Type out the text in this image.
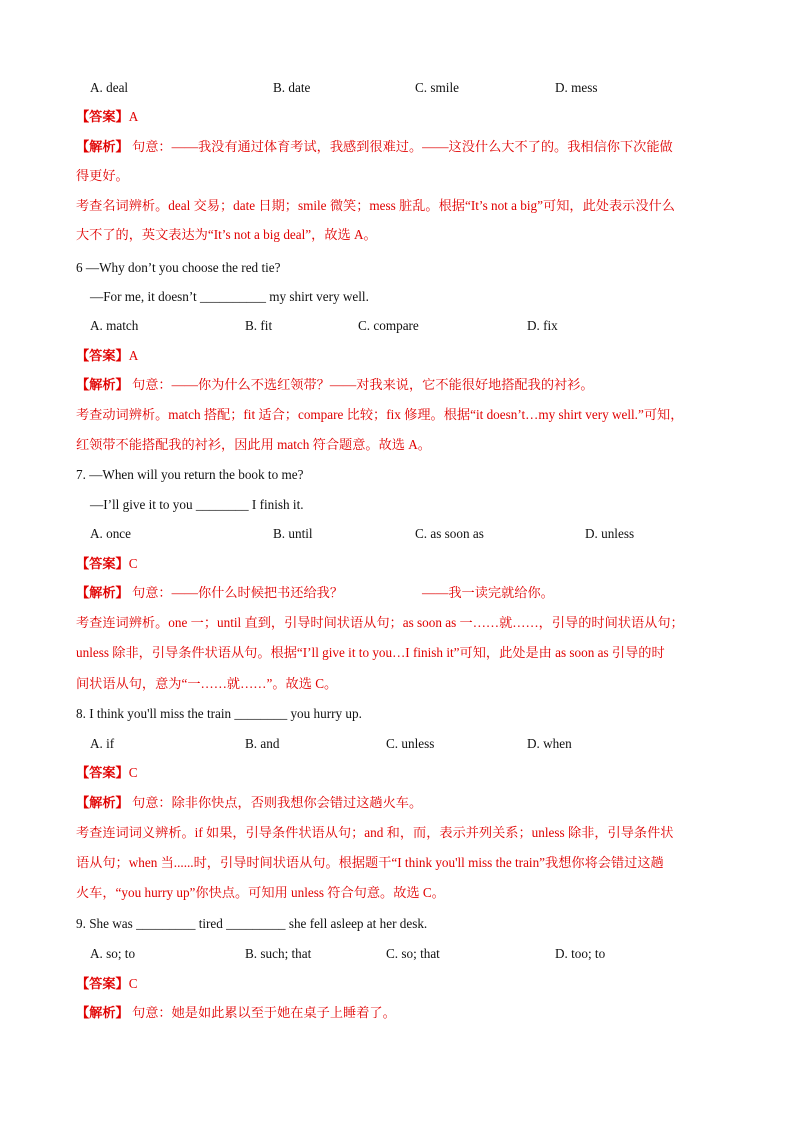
A. deal	B. date	C. smile	D. mess
【答案】A
【解析】 句意：——我没有通过体育考试，我感到很难过。——这没什么大不了的。我相信你下次能做
得更好。
考查名词辨析。deal 交易；date 日期；smile 微笑；mess 脏乱。根据“It’s not a big”可知，此处表示没什么
大不了的，英文表达为“It’s not a big deal”，故选 A。
6 —Why don’t you choose the red tie?
—For me, it doesn’t __________ my shirt very well.
A. match	B. fit	C. compare	D. fix
【答案】A
【解析】 句意：——你为什么不选红领带？——对我来说，它不能很好地搭配我的衬衫。
考查动词辨析。match 搭配；fit 适合；compare 比较；fix 修理。根据“it doesn’t…my shirt very well.”可知，
红领带不能搭配我的衬衫，因此用 match 符合题意。故选 A。
7. —When will you return the book to me?
—I’ll give it to you ________ I finish it.
A. once	B. until	C. as soon as	D. unless
【答案】C
【解析】 句意：——你什么时候把书还给我？	——我一读完就给你。
考查连词辨析。one 一；until 直到，引导时间状语从句；as soon as 一……就……，引导的时间状语从句；
unless 除非，引导条件状语从句。根据“I’ll give it to you…I finish it”可知，此处是由 as soon as 引导的时
间状语从句，意为“一……就……”。故选 C。
8. I think you'll miss the train ________ you hurry up.
A. if	B. and	C. unless	D. when
【答案】C
【解析】 句意：除非你快点，否则我想你会错过这趟火车。
考查连词词义辨析。if 如果，引导条件状语从句；and 和，而，表示并列关系；unless 除非，引导条件状
语从句；when 当......时，引导时间状语从句。根据题干“I think you'll miss the train”我想你将会错过这趟
火车，“you hurry up”你快点。可知用 unless 符合句意。故选 C。
9. She was _________ tired _________ she fell asleep at her desk.
A. so; to	B. such; that	C. so; that	D. too; to
【答案】C
【解析】 句意：她是如此累以至于她在桌子上睡着了。
